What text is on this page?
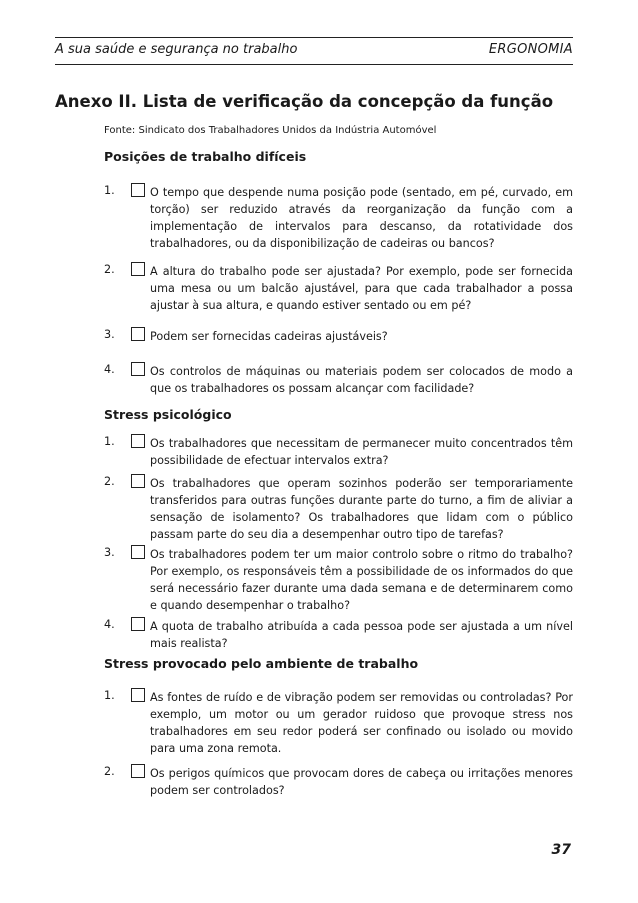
A sua saúde e segurança no trabalho	ERGONOMIA
Anexo II. Lista de verificação da concepção da função
Fonte: Sindicato dos Trabalhadores Unidos da Indústria Automóvel
Posições de trabalho difíceis
1.	O tempo que despende numa posição pode (sentado, em pé, curvado, em torção) ser reduzido através da reorganização da função com a implementação de intervalos para descanso, da rotatividade dos trabalhadores, ou da disponibilização de cadeiras ou bancos?
2.	A altura do trabalho pode ser ajustada? Por exemplo, pode ser fornecida uma mesa ou um balcão ajustável, para que cada trabalhador a possa ajustar à sua altura, e quando estiver sentado ou em pé?
3.	Podem ser fornecidas cadeiras ajustáveis?
4.	Os controlos de máquinas ou materiais podem ser colocados de modo a que os trabalhadores os possam alcançar com facilidade?
Stress psicológico
1.	Os trabalhadores que necessitam de permanecer muito concentrados têm possibilidade de efectuar intervalos extra?
2.	Os trabalhadores que operam sozinhos poderão ser temporariamente transferidos para outras funções durante parte do turno, a fim de aliviar a sensação de isolamento? Os trabalhadores que lidam com o público passam parte do seu dia a desempenhar outro tipo de tarefas?
3.	Os trabalhadores podem ter um maior controlo sobre o ritmo do trabalho? Por exemplo, os responsáveis têm a possibilidade de os informados do que será necessário fazer durante uma dada semana e de determinarem como e quando desempenhar o trabalho?
4.	A quota de trabalho atribuída a cada pessoa pode ser ajustada a um nível mais realista?
Stress provocado pelo ambiente de trabalho
1.	As fontes de ruído e de vibração podem ser removidas ou controladas? Por exemplo, um motor ou um gerador ruidoso que provoque stress nos trabalhadores em seu redor poderá ser confinado ou isolado ou movido para uma zona remota.
2.	Os perigos químicos que provocam dores de cabeça ou irritações menores podem ser controlados?
37
